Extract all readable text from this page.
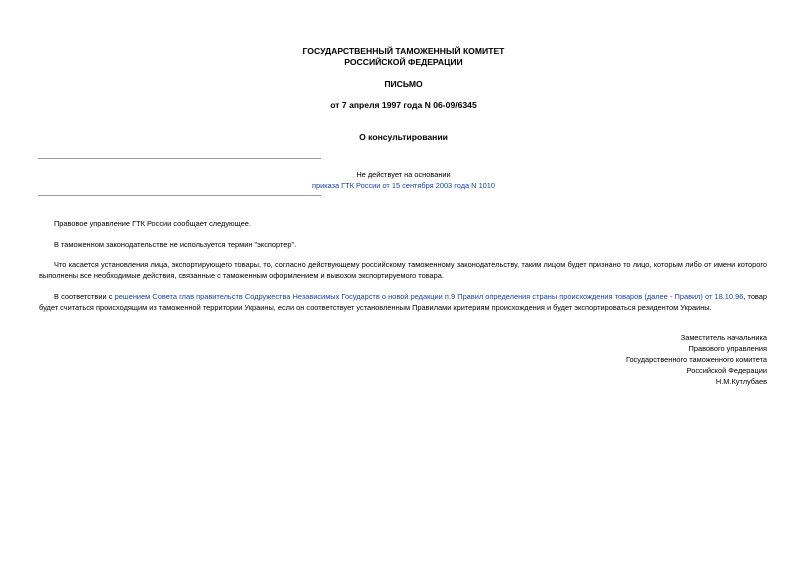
ГОСУДАРСТВЕННЫЙ ТАМОЖЕННЫЙ КОМИТЕТ
РОССИЙСКОЙ ФЕДЕРАЦИИ
ПИСЬМО
от 7 апреля 1997 года N 06-09/6345
О консультировании
Не действует на основании
приказа ГТК России от 15 сентября 2003 года N 1010

Правовое управление ГТК России сообщает следующее.

В таможенном законодательстве не используется термин "экспортер".

Что касается установления лица, экспортирующего товары, то, согласно действующему российскому таможенному законодательству, таким лицом будет признано то лицо, которым либо от имени которого выполнены все необходимые действия, связанные с таможенным оформлением и вывозом экспортируемого товара.

В соответствии с решением Совета глав правительств Содружества Независимых Государств о новой редакции п.9 Правил определения страны происхождения товаров (далее - Правил) от 18.10.96, товар будет считаться происходящим из таможенной территории Украины, если он соответствует установленным Правилами критериям происхождения и будет экспортироваться резидентом Украины.

Заместитель начальника
Правового управления
Государственного таможенного комитета
Российской Федерации
Н.М.Кутлубаев
